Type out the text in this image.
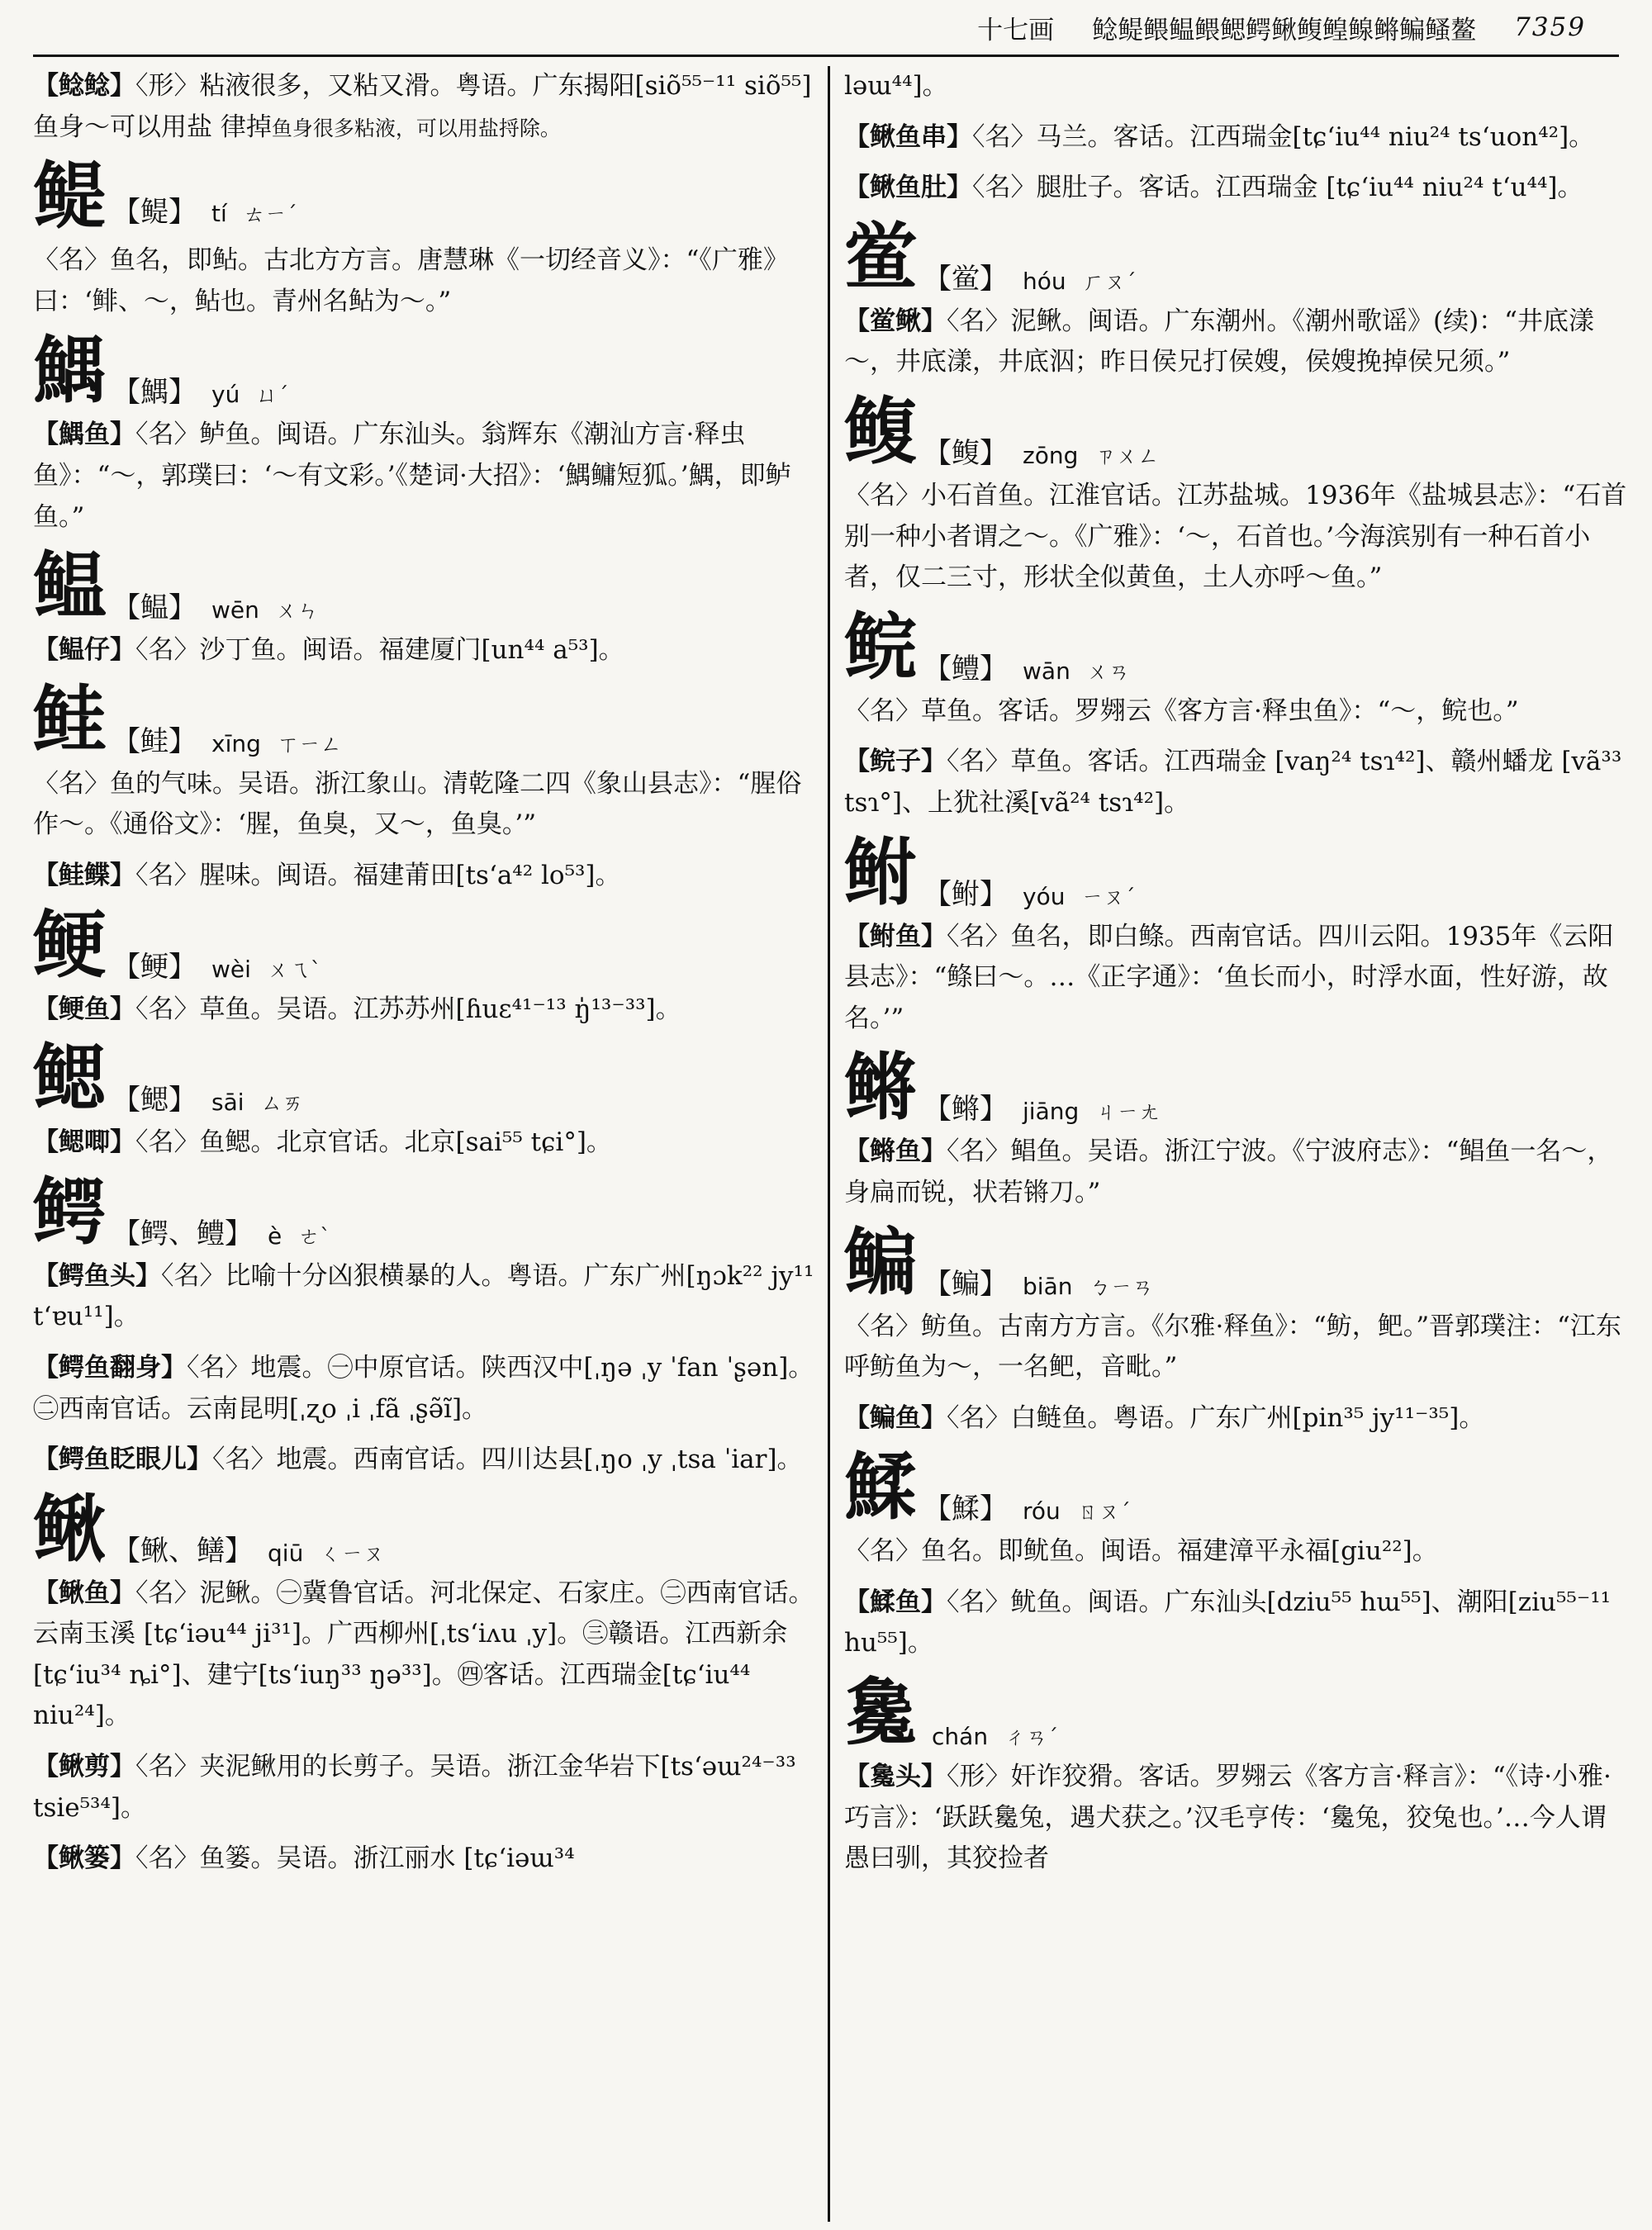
十七画 鲶鳀鳂鳁鳂鳃鳄鳅鳆鳇鳈鳉鳊鳋鳌 7359
【鲶鲶】〈形〉粘液很多，又粘又滑。粤语。广东揭阳[siõ⁵⁵⁻¹¹ siõ⁵⁵] 鱼身～可以用盐 律掉鱼身很多粘液，可以用盐捋除。
鳀 【鳀】 tí ㄊㄧˊ
〈名〉鱼名，即鲇。古北方方言。唐慧琳《一切经音义》：“《广雅》曰：‘鲱、～，鲇也。青州名鲇为～。”
鰅 【鰅】 yú ㄩˊ
【鰅鱼】〈名〉鲈鱼。闽语。广东汕头。翁辉东《潮汕方言·释虫鱼》：“～，郭璞曰：‘～有文彩。’《楚词·大招》：‘鰅鳙短狐。’鰅，即鲈鱼。”
鳁 【鳁】 wēn ㄨㄣ
【鳁仔】〈名〉沙丁鱼。闽语。福建厦门[un⁴⁴ a⁵³]。
鲑 【鲑】 xīng ㄒㄧㄥ
〈名〉鱼的气味。吴语。浙江象山。清乾隆二四《象山县志》：“腥俗作～。《通俗文》：‘腥，鱼臭，又～，鱼臭。’”
【鲑鲽】〈名〉腥味。闽语。福建莆田[ts‘a⁴² lo⁵³]。
鲠 【鲠】 wèi ㄨㄟˋ
【鲠鱼】〈名〉草鱼。吴语。江苏苏州[ɦuɛ⁴¹⁻¹³ ŋ̍¹³⁻³³]。
鳃 【鳃】 sāi ㄙㄞ
【鳃唧】〈名〉鱼鳃。北京官话。北京[sai⁵⁵ tɕi°]。
鳄 【鳄、鳢】 è ㄜˋ
【鳄鱼头】〈名〉比喻十分凶狠横暴的人。粤语。广东广州[ŋɔk²² jy¹¹ t‘ɐu¹¹]。
【鳄鱼翻身】〈名〉地震。㊀中原官话。陕西汉中[ˌŋə ˌy ˈfan ˈʂən]。㊁西南官话。云南昆明[ˌʐo ˌi ˌfã ˌʂə̃ĩ]。
【鳄鱼眨眼儿】〈名〉地震。西南官话。四川达县[ˌŋo ˌy ˌtsa ˈiar]。
鳅 【鳅、鳝】 qiū ㄑㄧㄡ
【鳅鱼】〈名〉泥鳅。㊀冀鲁官话。河北保定、石家庄。㊁西南官话。云南玉溪 [tɕ‘iəu⁴⁴ ji³¹]。广西柳州[ˌts‘iʌu ˌy]。㊂赣语。江西新余[tɕ‘iu³⁴ ȵi°]、建宁[ts‘iuŋ³³ ŋə³³]。㊃客话。江西瑞金[tɕ‘iu⁴⁴ niu²⁴]。
【鳅剪】〈名〉夹泥鳅用的长剪子。吴语。浙江金华岩下[ts‘əɯ²⁴⁻³³ tsie⁵³⁴]。
【鳅篓】〈名〉鱼篓。吴语。浙江丽水 [tɕ‘iəɯ³⁴
ləɯ⁴⁴]。
【鳅鱼串】〈名〉马兰。客话。江西瑞金[tɕ‘iu⁴⁴ niu²⁴ ts‘uon⁴²]。
【鳅鱼肚】〈名〉腿肚子。客话。江西瑞金 [tɕ‘iu⁴⁴ niu²⁴ t‘u⁴⁴]。
鲎 【鲎】 hóu ㄏㄡˊ
【鲎鳅】〈名〉泥鳅。闽语。广东潮州。《潮州歌谣》(续)：“井底漾～，井底漾，井底泅；昨日侯兄打侯嫂，侯嫂挽掉侯兄须。”
鳆 【鳆】 zōng ㄗㄨㄥ
〈名〉小石首鱼。江淮官话。江苏盐城。1936年《盐城县志》：“石首别一种小者谓之～。《广雅》：‘～，石首也。’今海滨别有一种石首小者，仅二三寸，形状全似黄鱼，土人亦呼～鱼。”
鲩 【鳢】 wān ㄨㄢ
〈名〉草鱼。客话。罗翙云《客方言·释虫鱼》：“～，鲩也。”
【鲩子】〈名〉草鱼。客话。江西瑞金 [vaŋ²⁴ tsɿ⁴²]、赣州蟠龙 [vã³³ tsɿ°]、上犹社溪[vã²⁴ tsɿ⁴²]。
鲋 【鲋】 yóu ㄧㄡˊ
【鲋鱼】〈名〉鱼名，即白鲦。西南官话。四川云阳。1935年《云阳县志》：“鲦曰～。…《正字通》：‘鱼长而小，时浮水面，性好游，故名。’”
鳉 【鳉】 jiāng ㄐㄧㄤ
【鳉鱼】〈名〉鲳鱼。吴语。浙江宁波。《宁波府志》：“鲳鱼一名～，身扁而锐，状若锵刀。”
鳊 【鳊】 biān ㄅㄧㄢ
〈名〉鲂鱼。古南方方言。《尔雅·释鱼》：“鲂，鲃。”晋郭璞注：“江东呼鲂鱼为～，一名鲃，音毗。”
【鳊鱼】〈名〉白鲢鱼。粤语。广东广州[pin³⁵ jy¹¹⁻³⁵]。
鰇 【鰇】 róu ㄖㄡˊ
〈名〉鱼名。即鱿鱼。闽语。福建漳平永福[giu²²]。
【鰇鱼】〈名〉鱿鱼。闽语。广东汕头[dziu⁵⁵ hɯ⁵⁵]、潮阳[ziu⁵⁵⁻¹¹ hu⁵⁵]。
毚 chán ㄔㄢˊ
【毚头】〈形〉奸诈狡猾。客话。罗翙云《客方言·释言》：“《诗·小雅·巧言》：‘跃跃毚兔，遇犬获之。’汉毛亨传：‘毚兔，狡兔也。’…今人谓愚曰驯，其狡捡者
